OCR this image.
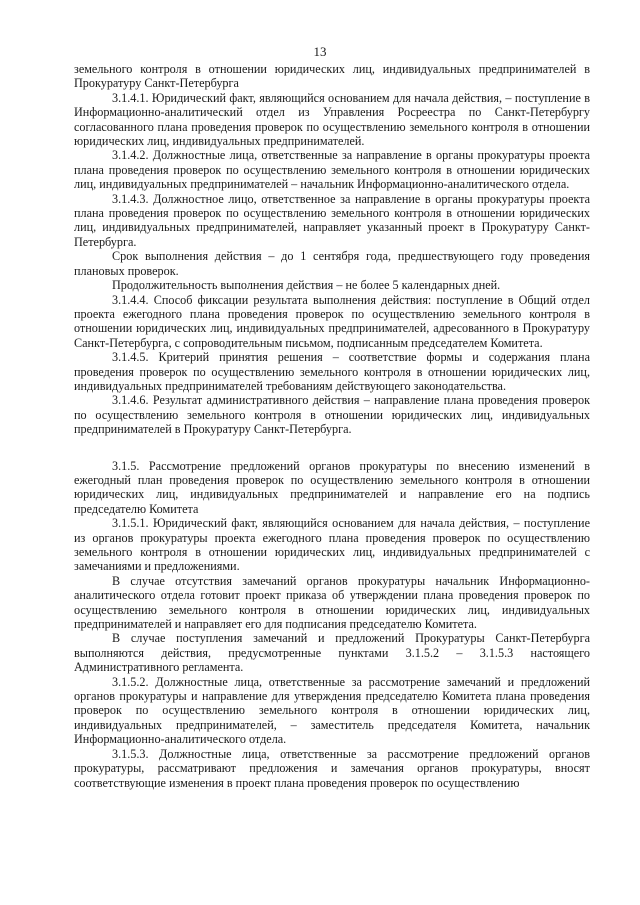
13

земельного контроля в отношении юридических лиц, индивидуальных предпринимателей в Прокуратуру Санкт-Петербурга

3.1.4.1. Юридический факт, являющийся основанием для начала действия, – поступление в Информационно-аналитический отдел из Управления Росреестра по Санкт-Петербургу согласованного плана проведения проверок по осуществлению земельного контроля в отношении юридических лиц, индивидуальных предпринимателей.

3.1.4.2. Должностные лица, ответственные за направление в органы прокуратуры проекта плана проведения проверок по осуществлению земельного контроля в отношении юридических лиц, индивидуальных предпринимателей – начальник Информационно-аналитического отдела.

3.1.4.3. Должностное лицо, ответственное за направление в органы прокуратуры проекта плана проведения проверок по осуществлению земельного контроля в отношении юридических лиц, индивидуальных предпринимателей, направляет указанный проект в Прокуратуру Санкт-Петербурга.

Срок выполнения действия – до 1 сентября года, предшествующего году проведения плановых проверок.

Продолжительность выполнения действия – не более 5 календарных дней.

3.1.4.4. Способ фиксации результата выполнения действия: поступление в Общий отдел проекта ежегодного плана проведения проверок по осуществлению земельного контроля в отношении юридических лиц, индивидуальных предпринимателей, адресованного в Прокуратуру Санкт-Петербурга, с сопроводительным письмом, подписанным председателем Комитета.

3.1.4.5. Критерий принятия решения – соответствие формы и содержания плана проведения проверок по осуществлению земельного контроля в отношении юридических лиц, индивидуальных предпринимателей требованиям действующего законодательства.

3.1.4.6. Результат административного действия – направление плана проведения проверок по осуществлению земельного контроля в отношении юридических лиц, индивидуальных предпринимателей в Прокуратуру Санкт-Петербурга.

3.1.5. Рассмотрение предложений органов прокуратуры по внесению изменений в ежегодный план проведения проверок по осуществлению земельного контроля в отношении юридических лиц, индивидуальных предпринимателей и направление его на подпись председателю Комитета

3.1.5.1. Юридический факт, являющийся основанием для начала действия, – поступление из органов прокуратуры проекта ежегодного плана проведения проверок по осуществлению земельного контроля в отношении юридических лиц, индивидуальных предпринимателей с замечаниями и предложениями.

В случае отсутствия замечаний органов прокуратуры начальник Информационно-аналитического отдела готовит проект приказа об утверждении плана проведения проверок по осуществлению земельного контроля в отношении юридических лиц, индивидуальных предпринимателей и направляет его для подписания председателю Комитета.

В случае поступления замечаний и предложений Прокуратуры Санкт-Петербурга выполняются действия, предусмотренные пунктами 3.1.5.2 – 3.1.5.3 настоящего Административного регламента.

3.1.5.2. Должностные лица, ответственные за рассмотрение замечаний и предложений органов прокуратуры и направление для утверждения председателю Комитета плана проведения проверок по осуществлению земельного контроля в отношении юридических лиц, индивидуальных предпринимателей, – заместитель председателя Комитета, начальник Информационно-аналитического отдела.

3.1.5.3. Должностные лица, ответственные за рассмотрение предложений органов прокуратуры, рассматривают предложения и замечания органов прокуратуры, вносят соответствующие изменения в проект плана проведения проверок по осуществлению
